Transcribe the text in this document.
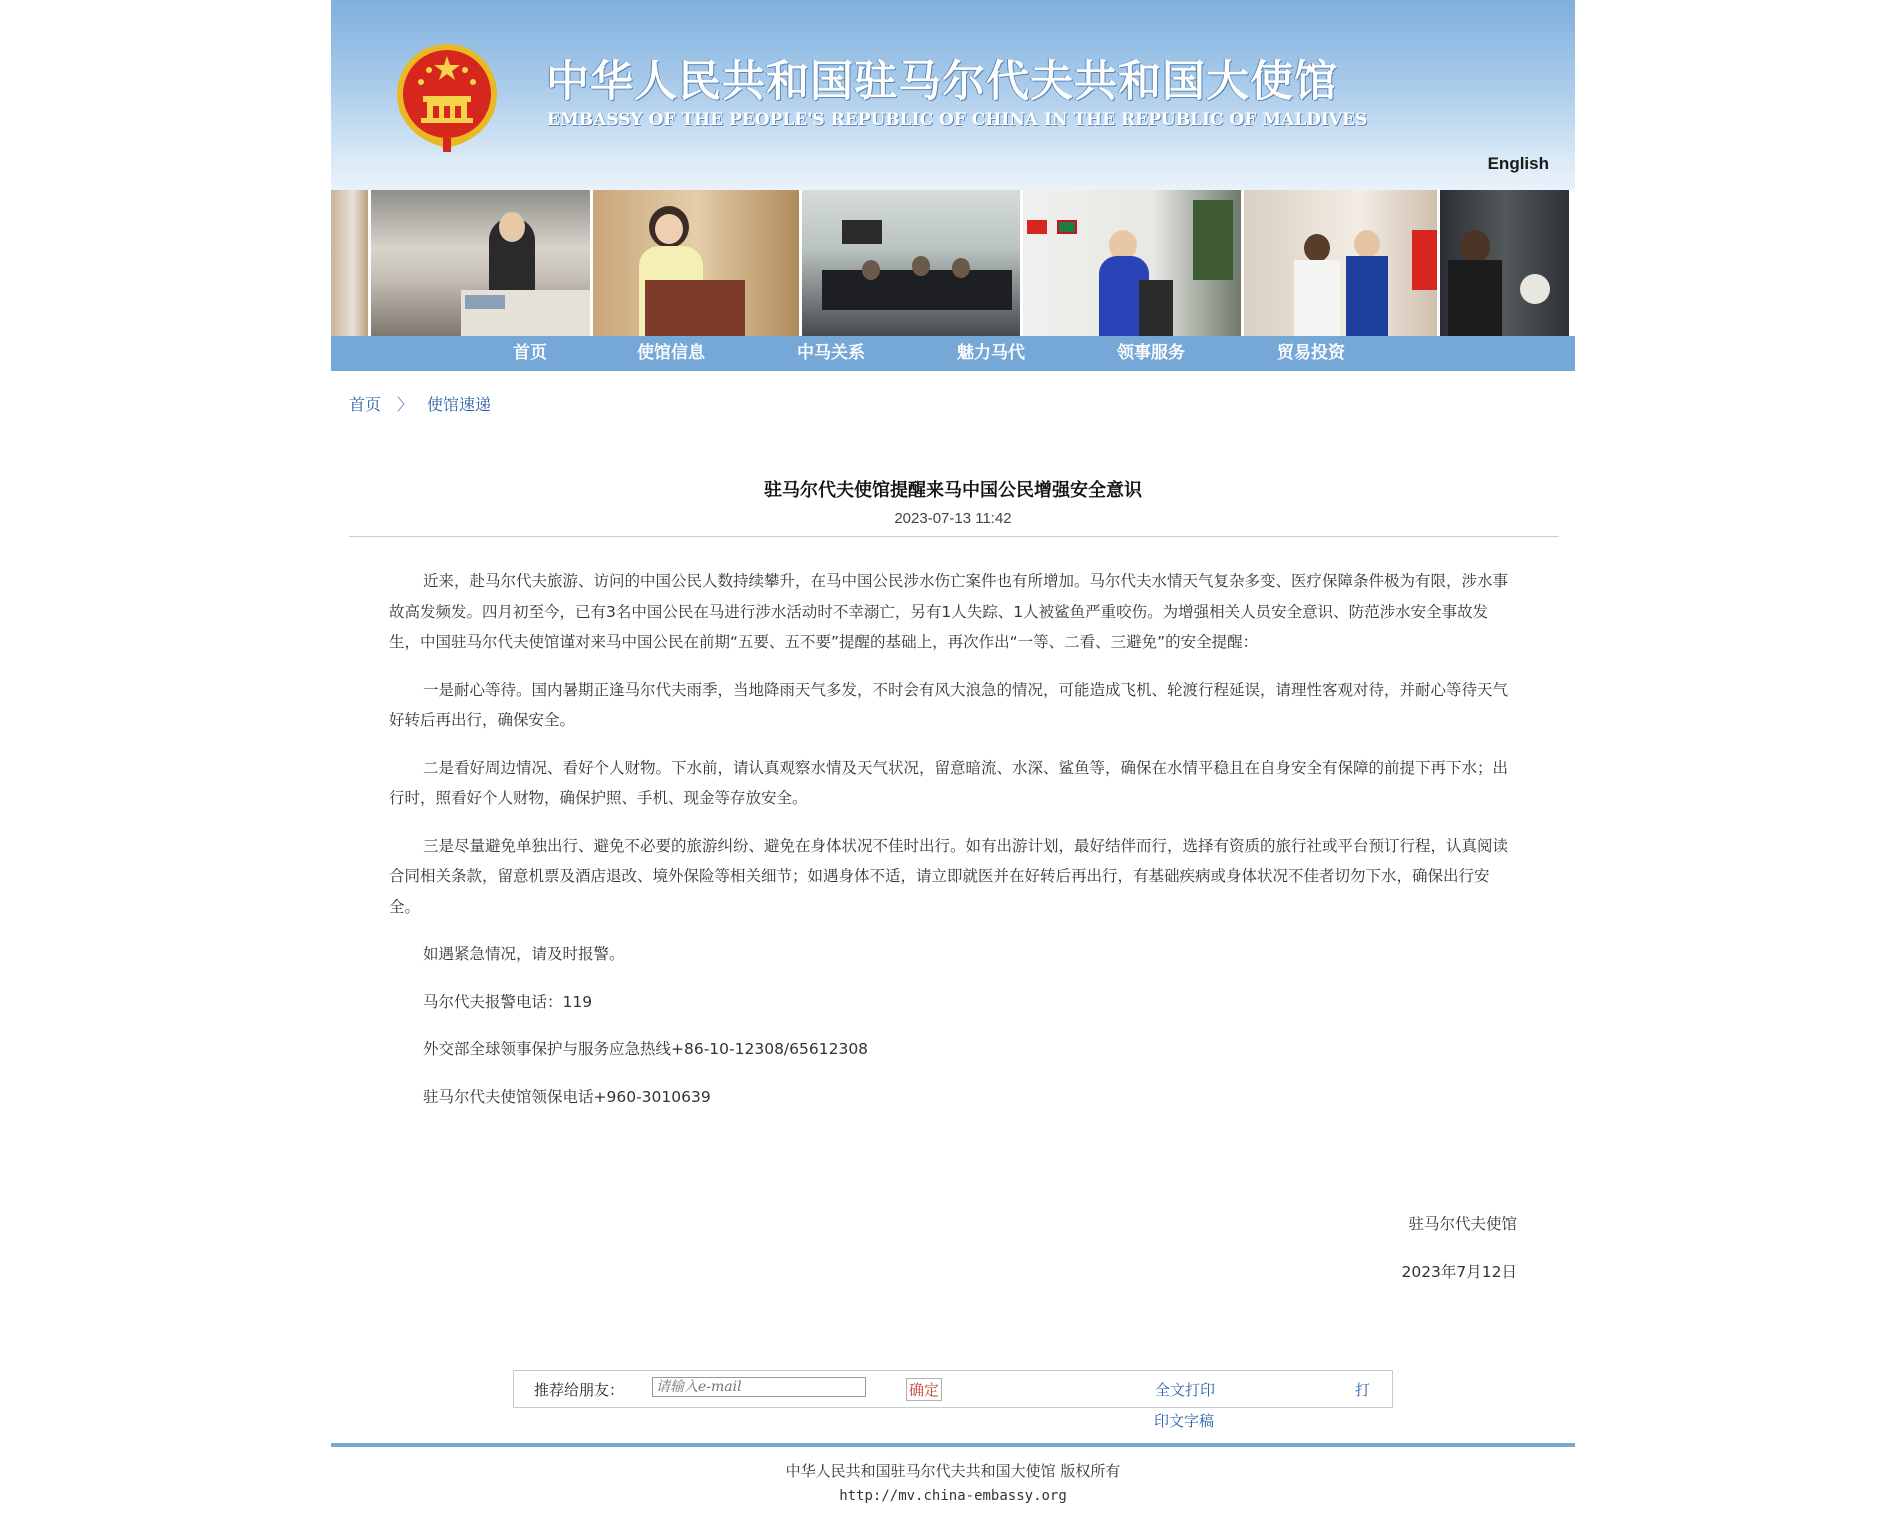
中华人民共和国驻马尔代夫共和国大使馆
EMBASSY OF THE PEOPLE'S REPUBLIC OF CHINA IN THE REPUBLIC OF MALDIVES
English
首页	使馆信息	中马关系	魅力马代	领事服务	贸易投资
首页 〉 使馆速递
驻马尔代夫使馆提醒来马中国公民增强安全意识
2023-07-13 11:42

近来，赴马尔代夫旅游、访问的中国公民人数持续攀升，在马中国公民涉水伤亡案件也有所增加。马尔代夫水情天气复杂多变、医疗保障条件极为有限，涉水事故高发频发。四月初至今，已有3名中国公民在马进行涉水活动时不幸溺亡，另有1人失踪、1人被鲨鱼严重咬伤。为增强相关人员安全意识、防范涉水安全事故发生，中国驻马尔代夫使馆谨对来马中国公民在前期“五要、五不要”提醒的基础上，再次作出“一等、二看、三避免”的安全提醒：

一是耐心等待。国内暑期正逢马尔代夫雨季，当地降雨天气多发，不时会有风大浪急的情况，可能造成飞机、轮渡行程延误，请理性客观对待，并耐心等待天气好转后再出行，确保安全。

二是看好周边情况、看好个人财物。下水前，请认真观察水情及天气状况，留意暗流、水深、鲨鱼等，确保在水情平稳且在自身安全有保障的前提下再下水；出行时，照看好个人财物，确保护照、手机、现金等存放安全。

三是尽量避免单独出行、避免不必要的旅游纠纷、避免在身体状况不佳时出行。如有出游计划，最好结伴而行，选择有资质的旅行社或平台预订行程，认真阅读合同相关条款，留意机票及酒店退改、境外保险等相关细节；如遇身体不适，请立即就医并在好转后再出行，有基础疾病或身体状况不佳者切勿下水，确保出行安全。

如遇紧急情况，请及时报警。

马尔代夫报警电话：119

外交部全球领事保护与服务应急热线+86-10-12308/65612308

驻马尔代夫使馆领保电话+960-3010639

驻马尔代夫使馆
2023年7月12日
推荐给朋友：
请输入e-mail	确定	全文打印	打
印文字稿
中华人民共和国驻马尔代夫共和国大使馆 版权所有
http://mv.china-embassy.org
